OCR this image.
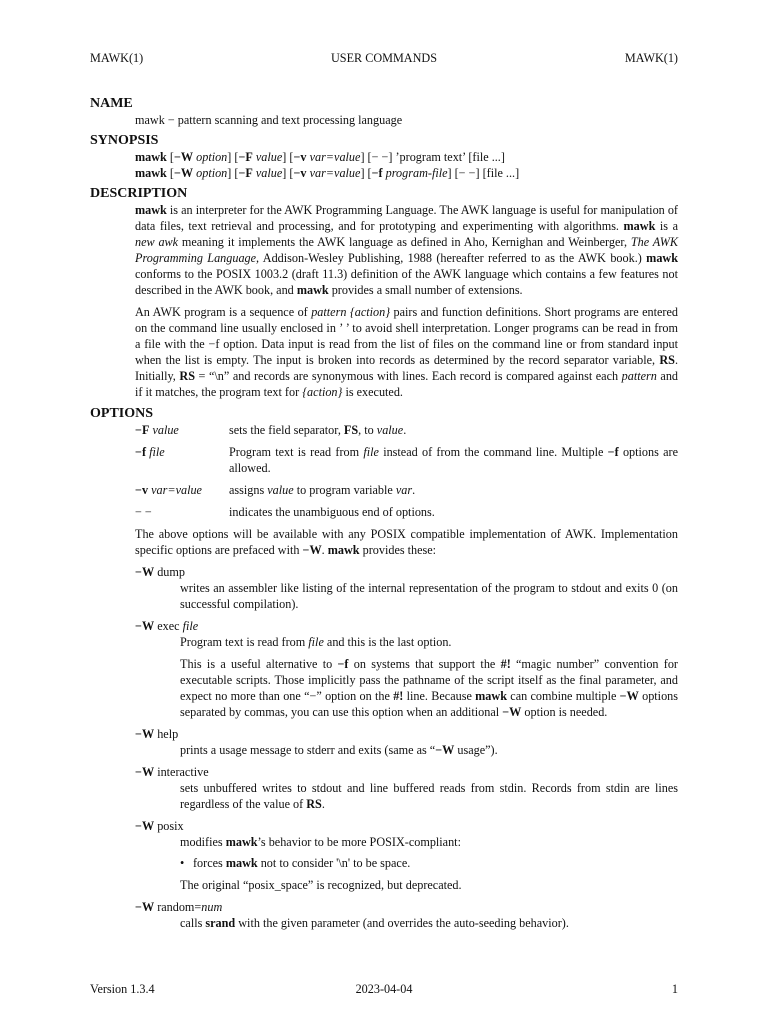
MAWK(1)	USER COMMANDS	MAWK(1)
NAME

mawk − pattern scanning and text processing language

SYNOPSIS

mawk [−W option] [−F value] [−v var=value] [− −] ’program text’ [file ...]

mawk [−W option] [−F value] [−v var=value] [−f program-file] [− −] [file ...]

DESCRIPTION

mawk is an interpreter for the AWK Programming Language. The AWK language is useful for manipulation of data files, text retrieval and processing, and for prototyping and experimenting with algorithms. mawk is a new awk meaning it implements the AWK language as defined in Aho, Kernighan and Weinberger, The AWK Programming Language, Addison-Wesley Publishing, 1988 (hereafter referred to as the AWK book.) mawk conforms to the POSIX 1003.2 (draft 11.3) definition of the AWK language which contains a few features not described in the AWK book, and mawk provides a small number of extensions.

An AWK program is a sequence of pattern {action} pairs and function definitions. Short programs are entered on the command line usually enclosed in ’ ’ to avoid shell interpretation. Longer programs can be read in from a file with the −f option. Data input is read from the list of files on the command line or from standard input when the list is empty. The input is broken into records as determined by the record separator variable, RS. Initially, RS = “\n” and records are synonymous with lines. Each record is compared against each pattern and if it matches, the program text for {action} is executed.

OPTIONS
−F value	sets the field separator, FS, to value.
−f file	Program text is read from file instead of from the command line. Multiple −f options are allowed.
−v var=value	assigns value to program variable var.
− −	indicates the unambiguous end of options.

The above options will be available with any POSIX compatible implementation of AWK. Implementation specific options are prefaced with −W. mawk provides these:

−W dump
writes an assembler like listing of the internal representation of the program to stdout and exits 0 (on successful compilation).
−W exec file
Program text is read from file and this is the last option.
This is a useful alternative to −f on systems that support the #! “magic number” convention for executable scripts. Those implicitly pass the pathname of the script itself as the final parameter, and expect no more than one “−” option on the #! line. Because mawk can combine multiple −W options separated by commas, you can use this option when an additional −W option is needed.
−W help
prints a usage message to stderr and exits (same as “−W usage”).
−W interactive
sets unbuffered writes to stdout and line buffered reads from stdin. Records from stdin are lines regardless of the value of RS.
−W posix
modifies mawk’s behavior to be more POSIX-compliant:
• forces mawk not to consider '\n' to be space.
The original “posix_space” is recognized, but deprecated.
−W random=num
calls srand with the given parameter (and overrides the auto-seeding behavior).
Version 1.3.4	2023-04-04	1
